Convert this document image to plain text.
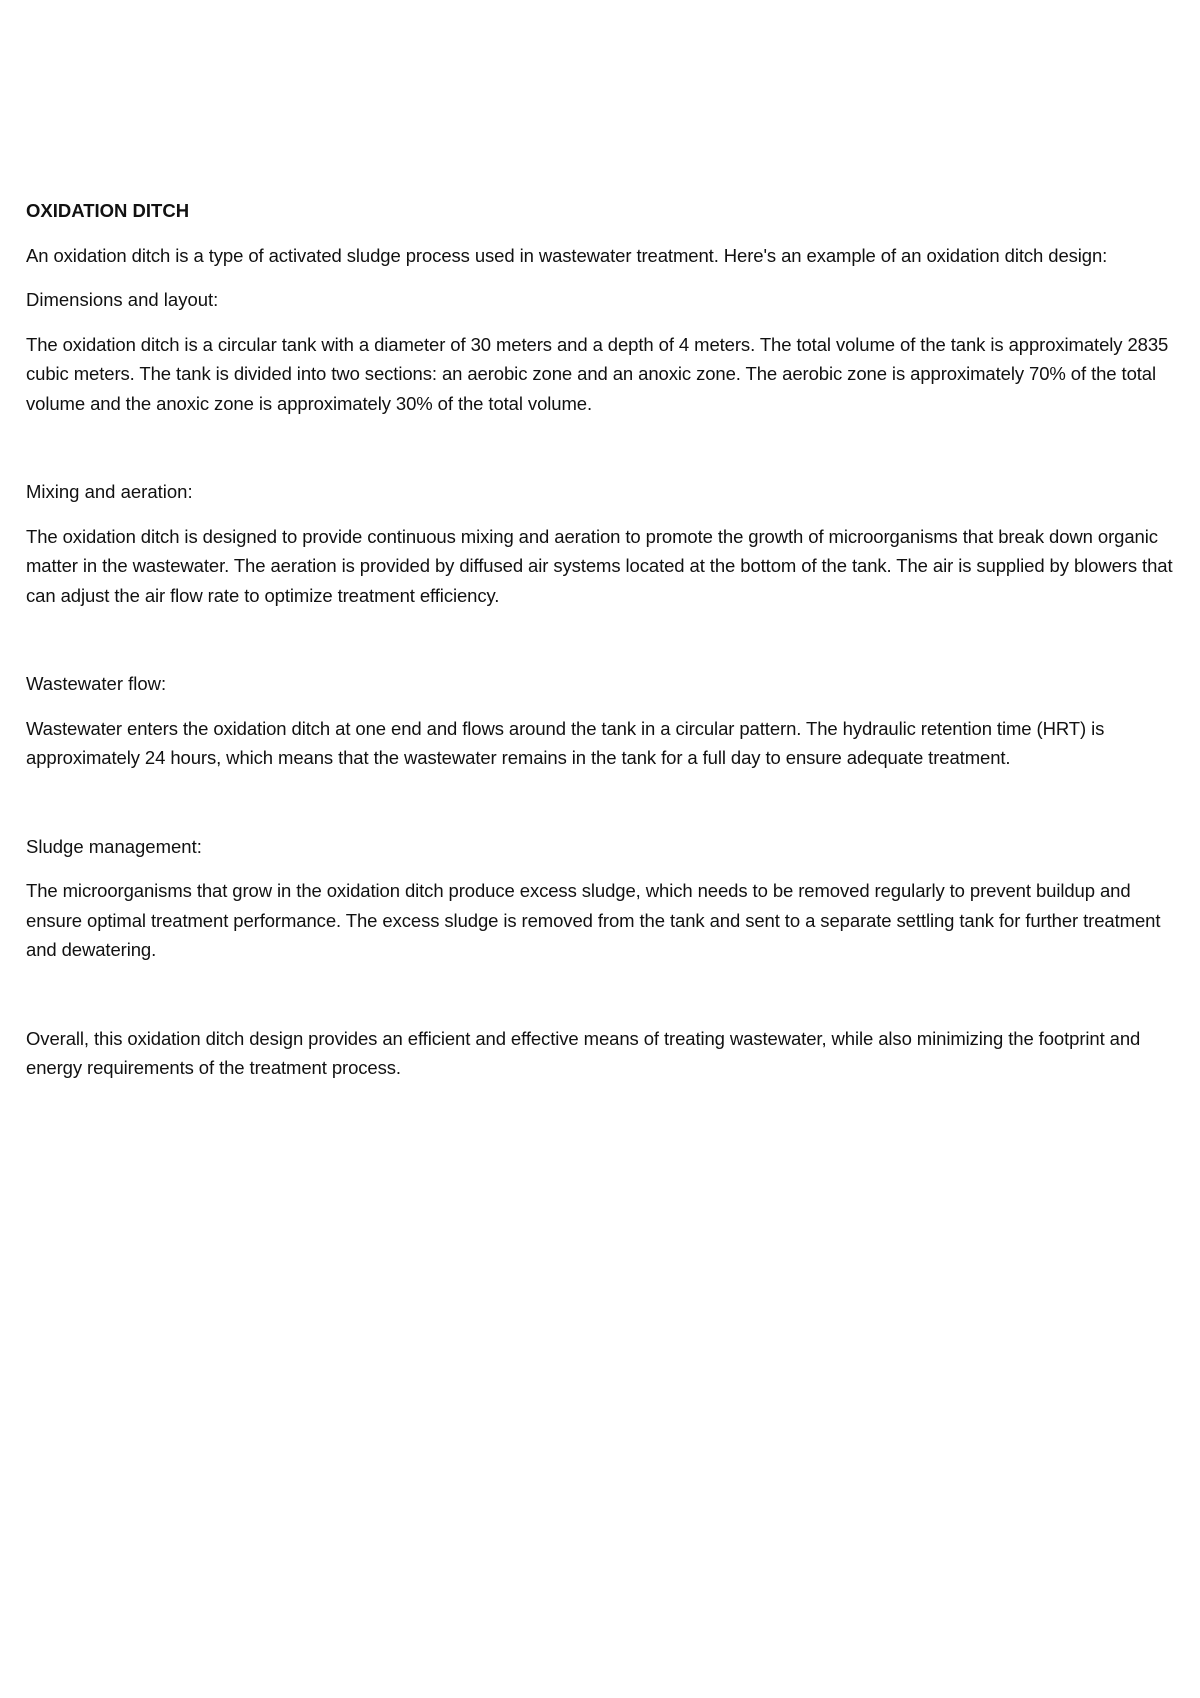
OXIDATION DITCH

An oxidation ditch is a type of activated sludge process used in wastewater treatment. Here's an example of an oxidation ditch design:

Dimensions and layout:

The oxidation ditch is a circular tank with a diameter of 30 meters and a depth of 4 meters. The total volume of the tank is approximately 2835 cubic meters. The tank is divided into two sections: an aerobic zone and an anoxic zone. The aerobic zone is approximately 70% of the total volume and the anoxic zone is approximately 30% of the total volume.

Mixing and aeration:

The oxidation ditch is designed to provide continuous mixing and aeration to promote the growth of microorganisms that break down organic matter in the wastewater. The aeration is provided by diffused air systems located at the bottom of the tank. The air is supplied by blowers that can adjust the air flow rate to optimize treatment efficiency.

Wastewater flow:

Wastewater enters the oxidation ditch at one end and flows around the tank in a circular pattern. The hydraulic retention time (HRT) is approximately 24 hours, which means that the wastewater remains in the tank for a full day to ensure adequate treatment.

Sludge management:

The microorganisms that grow in the oxidation ditch produce excess sludge, which needs to be removed regularly to prevent buildup and ensure optimal treatment performance. The excess sludge is removed from the tank and sent to a separate settling tank for further treatment and dewatering.

Overall, this oxidation ditch design provides an efficient and effective means of treating wastewater, while also minimizing the footprint and energy requirements of the treatment process.
